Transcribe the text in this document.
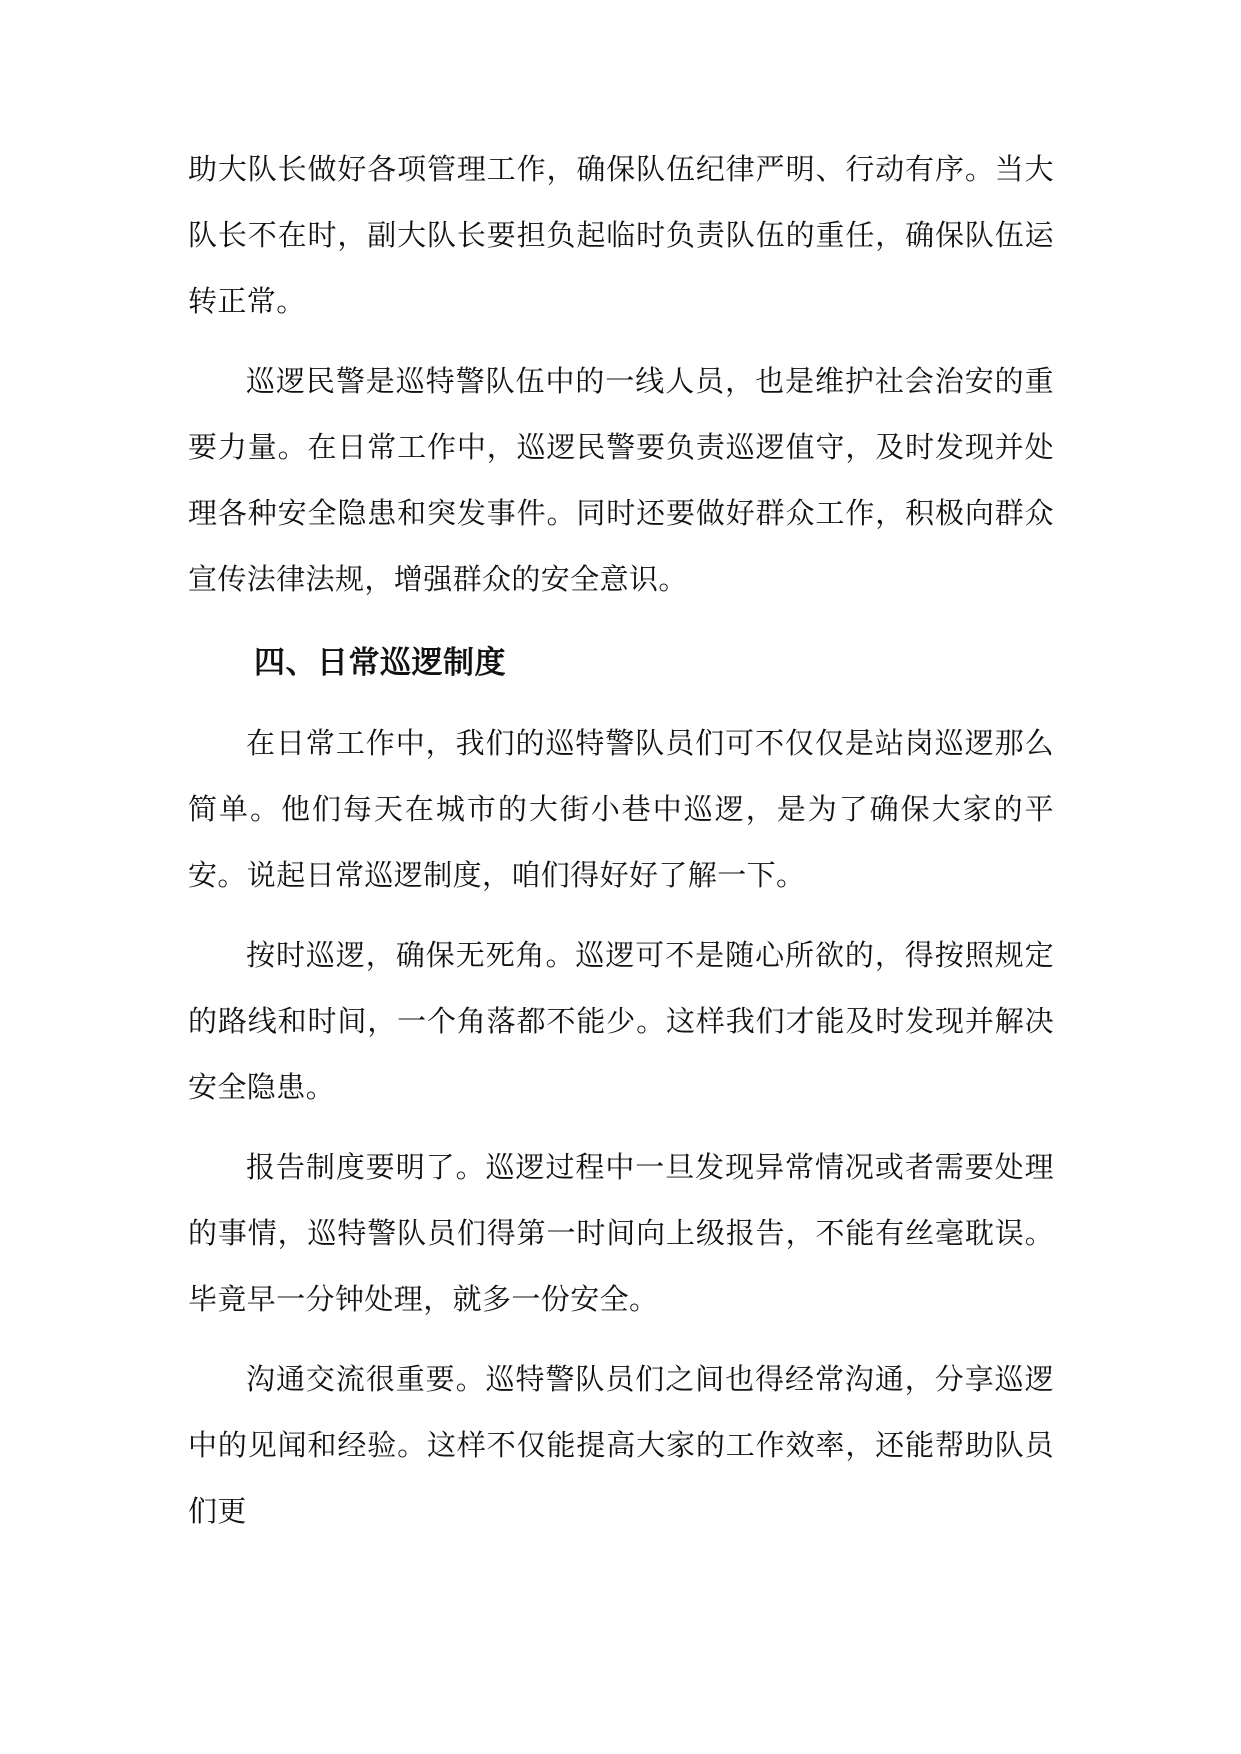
助大队长做好各项管理工作，确保队伍纪律严明、行动有序。当大队长不在时，副大队长要担负起临时负责队伍的重任，确保队伍运转正常。

巡逻民警是巡特警队伍中的一线人员，也是维护社会治安的重要力量。在日常工作中，巡逻民警要负责巡逻值守，及时发现并处理各种安全隐患和突发事件。同时还要做好群众工作，积极向群众宣传法律法规，增强群众的安全意识。

四、日常巡逻制度

在日常工作中，我们的巡特警队员们可不仅仅是站岗巡逻那么简单。他们每天在城市的大街小巷中巡逻，是为了确保大家的平安。说起日常巡逻制度，咱们得好好了解一下。

按时巡逻，确保无死角。巡逻可不是随心所欲的，得按照规定的路线和时间，一个角落都不能少。这样我们才能及时发现并解决安全隐患。

报告制度要明了。巡逻过程中一旦发现异常情况或者需要处理的事情，巡特警队员们得第一时间向上级报告，不能有丝毫耽误。毕竟早一分钟处理，就多一份安全。

沟通交流很重要。巡特警队员们之间也得经常沟通，分享巡逻中的见闻和经验。这样不仅能提高大家的工作效率，还能帮助队员们更
